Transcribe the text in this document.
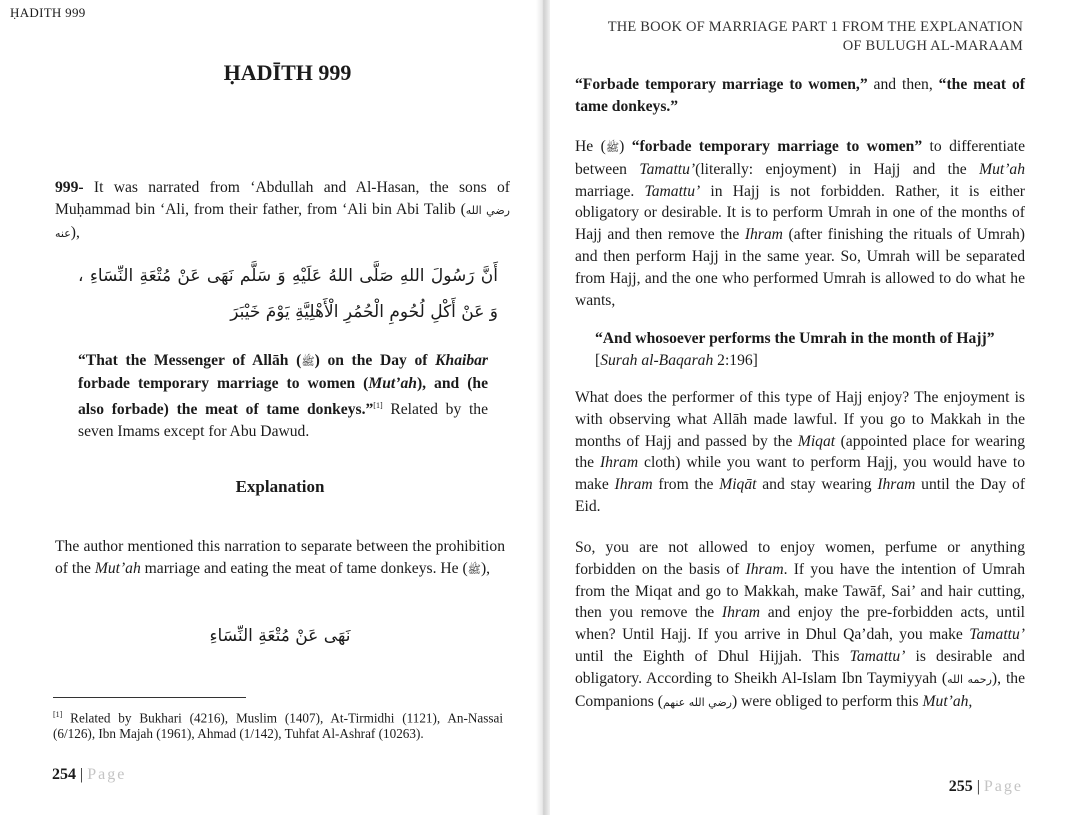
ḤADITH 999
ḤADĪTH 999
999- It was narrated from ‘Abdullah and Al-Hasan, the sons of Muḥammad bin ‘Ali, from their father, from ‘Ali bin Abi Talib (رضي الله عنه),
أَنَّ رَسُولَ اللهِ صَلَّى اللهُ عَلَيْهِ وَ سَلَّم نَهَى عَنْ مُتْعَةِ النِّسَاءِ ، وَ عَنْ أَكْلِ لُحُومِ الْحُمُرِ الْأَهْلِيَّةِ يَوْمَ خَيْبَرَ
“That the Messenger of Allāh (ﷺ) on the Day of Khaibar forbade temporary marriage to women (Mut’ah), and (he also forbade) the meat of tame donkeys.”[1] Related by the seven Imams except for Abu Dawud.
Explanation
The author mentioned this narration to separate between the prohibition of the Mut’ah marriage and eating the meat of tame donkeys. He (ﷺ),
نَهَى عَنْ مُتْعَةِ النِّسَاءِ
[1] Related by Bukhari (4216), Muslim (1407), At-Tirmidhi (1121), An-Nassai (6/126), Ibn Majah (1961), Ahmad (1/142), Tuhfat Al-Ashraf (10263).
254 | Page
THE BOOK OF MARRIAGE PART 1 FROM THE EXPLANATION
OF BULUGH AL-MARAAM
“Forbade temporary marriage to women,” and then, “the meat of tame donkeys.”
He (ﷺ) “forbade temporary marriage to women” to differentiate between Tamattu’(literally: enjoyment) in Hajj and the Mut’ah marriage. Tamattu’ in Hajj is not forbidden. Rather, it is either obligatory or desirable. It is to perform Umrah in one of the months of Hajj and then remove the Ihram (after finishing the rituals of Umrah) and then perform Hajj in the same year. So, Umrah will be separated from Hajj, and the one who performed Umrah is allowed to do what he wants,
“And whosoever performs the Umrah in the month of Hajj” [Surah al-Baqarah 2:196]
What does the performer of this type of Hajj enjoy? The enjoyment is with observing what Allāh made lawful. If you go to Makkah in the months of Hajj and passed by the Miqat (appointed place for wearing the Ihram cloth) while you want to perform Hajj, you would have to make Ihram from the Miqāt and stay wearing Ihram until the Day of Eid.
So, you are not allowed to enjoy women, perfume or anything forbidden on the basis of Ihram. If you have the intention of Umrah from the Miqat and go to Makkah, make Tawāf, Sai’ and hair cutting, then you remove the Ihram and enjoy the pre-forbidden acts, until when? Until Hajj. If you arrive in Dhul Qa’dah, you make Tamattu’ until the Eighth of Dhul Hijjah. This Tamattu’ is desirable and obligatory. According to Sheikh Al-Islam Ibn Taymiyyah (رحمه الله), the Companions (رضي الله عنهم) were obliged to perform this Mut’ah,
255 | Page
